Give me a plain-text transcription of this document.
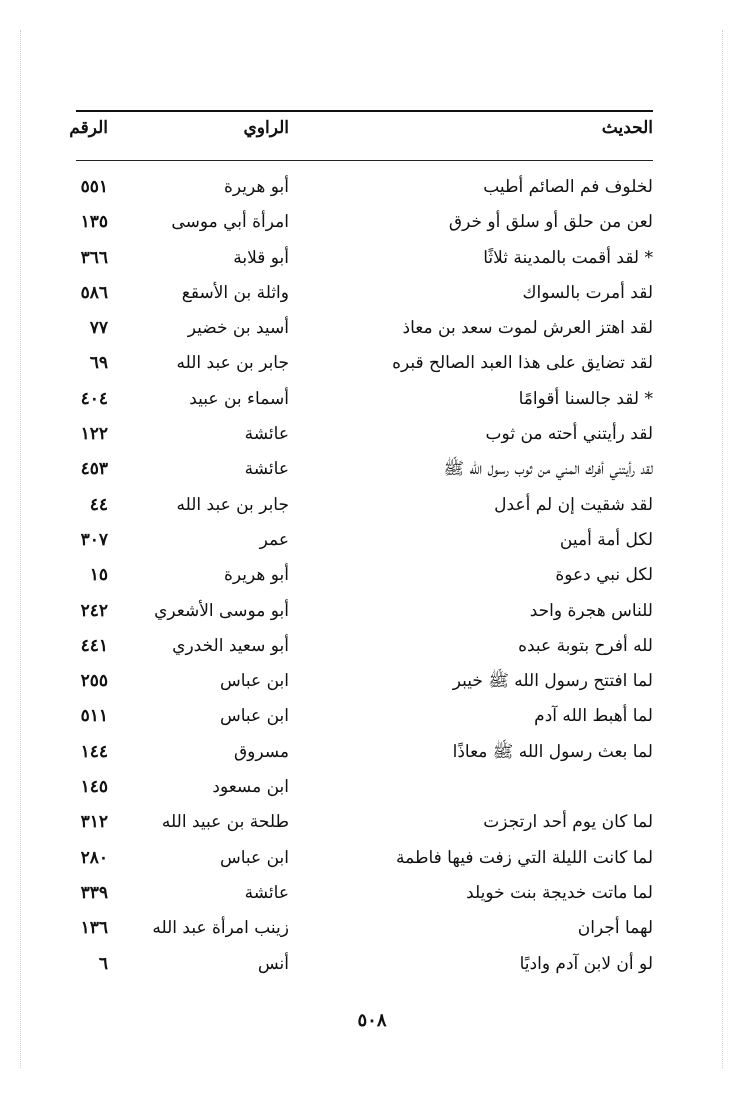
الحديث
الراوي
الرقم
لخلوف فم الصائم أطيب
أبو هريرة
٥٥١
لعن من حلق أو سلق أو خرق
امرأة أبي موسى
١٣٥
* لقد أقمت بالمدينة ثلاثًا
أبو قلابة
٣٦٦
لقد أمرت بالسواك
واثلة بن الأسقع
٥٨٦
لقد اهتز العرش لموت سعد بن معاذ
أسيد بن خضير
٧٧
لقد تضايق على هذا العبد الصالح قبره
جابر بن عبد الله
٦٩
* لقد جالسنا أقوامًا
أسماء بن عبيد
٤٠٤
لقد رأيتني أحته من ثوب
عائشة
١٢٢
لقد رأيتني أفرك المني من ثوب رسول الله ﷺ
عائشة
٤٥٣
لقد شقيت إن لم أعدل
جابر بن عبد الله
٤٤
لكل أمة أمين
عمر
٣٠٧
لكل نبي دعوة
أبو هريرة
١٥
للناس هجرة واحد
أبو موسى الأشعري
٢٤٢
لله أفرح بتوبة عبده
أبو سعيد الخدري
٤٤١
لما افتتح رسول الله ﷺ خيبر
ابن عباس
٢٥٥
لما أهبط الله آدم
ابن عباس
٥١١
لما بعث رسول الله ﷺ معاذًا
مسروق
١٤٤
ابن مسعود
١٤٥
لما كان يوم أحد ارتجزت
طلحة بن عبيد الله
٣١٢
لما كانت الليلة التي زفت فيها فاطمة
ابن عباس
٢٨٠
لما ماتت خديجة بنت خويلد
عائشة
٣٣٩
لهما أجران
زينب امرأة عبد الله
١٣٦
لو أن لابن آدم واديًا
أنس
٦
٥٠٨
